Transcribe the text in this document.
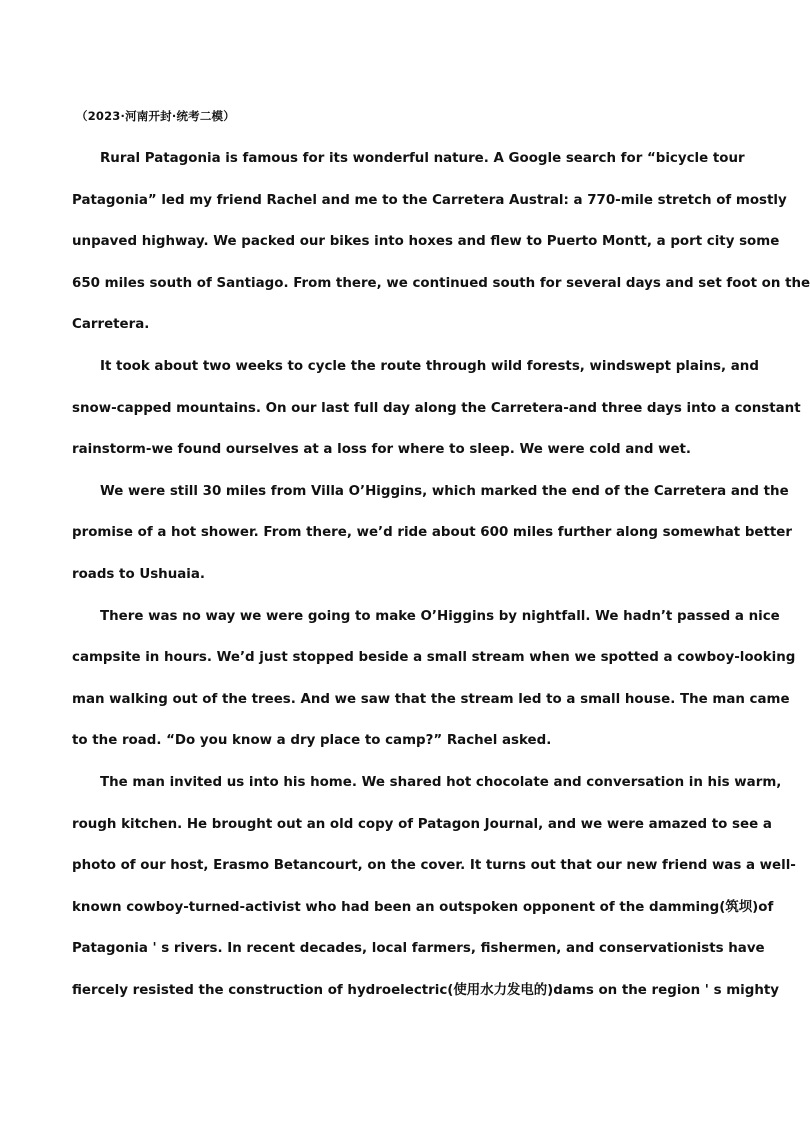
（2023·河南开封·统考二模）
Rural Patagonia is famous for its wonderful nature. A Google search for “bicycle tour
Patagonia” led my friend Rachel and me to the Carretera Austral: a 770-mile stretch of mostly
unpaved highway. We packed our bikes into hoxes and flew to Puerto Montt, a port city some
650 miles south of Santiago. From there, we continued south for several days and set foot on the
Carretera.
It took about two weeks to cycle the route through wild forests, windswept plains, and
snow-capped mountains. On our last full day along the Carretera-and three days into a constant
rainstorm-we found ourselves at a loss for where to sleep. We were cold and wet.
We were still 30 miles from Villa O’Higgins, which marked the end of the Carretera and the
promise of a hot shower. From there, we’d ride about 600 miles further along somewhat better
roads to Ushuaia.
There was no way we were going to make O’Higgins by nightfall. We hadn’t passed a nice
campsite in hours. We’d just stopped beside a small stream when we spotted a cowboy-looking
man walking out of the trees. And we saw that the stream led to a small house. The man came
to the road. “Do you know a dry place to camp?” Rachel asked.
The man invited us into his home. We shared hot chocolate and conversation in his warm,
rough kitchen. He brought out an old copy of Patagon Journal, and we were amazed to see a
photo of our host, Erasmo Betancourt, on the cover. It turns out that our new friend was a well-
known cowboy-turned-activist who had been an outspoken opponent of the damming(筑坝)of
Patagonia ' s rivers. In recent decades, local farmers, fishermen, and conservationists have
fiercely resisted the construction of hydroelectric(使用水力发电的)dams on the region ' s mighty
